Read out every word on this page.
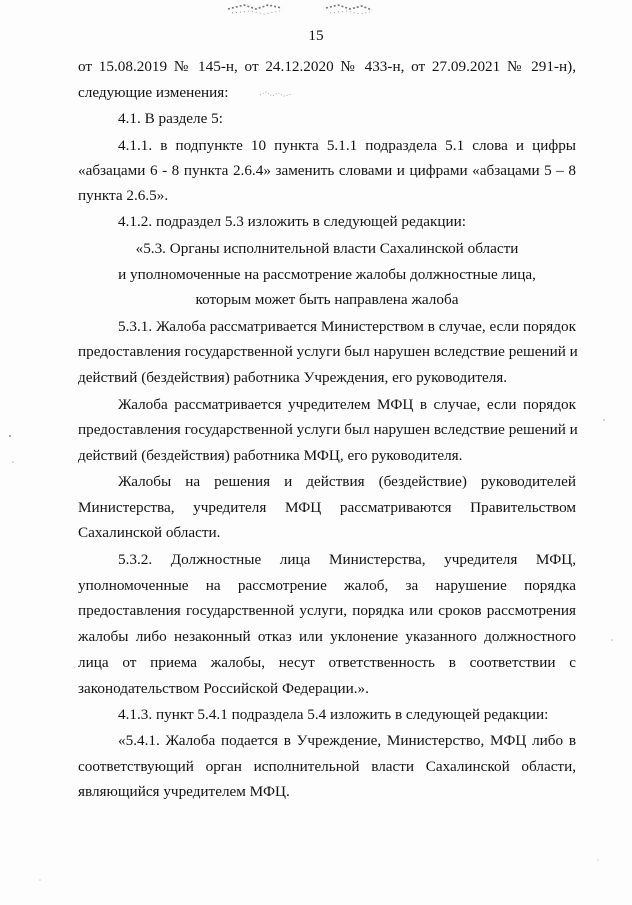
15
от 15.08.2019 № 145-н, от 24.12.2020 № 433-н, от 27.09.2021 № 291-н),
следующие изменения:
4.1. В разделе 5:
4.1.1. в подпункте 10 пункта 5.1.1 подраздела 5.1 слова и цифры
«абзацами 6 - 8 пункта 2.6.4» заменить словами и цифрами «абзацами 5 – 8
пункта 2.6.5».
4.1.2. подраздел 5.3 изложить в следующей редакции:
«5.3. Органы исполнительной власти Сахалинской области
и уполномоченные на рассмотрение жалобы должностные лица,
которым может быть направлена жалоба
5.3.1. Жалоба рассматривается Министерством в случае, если порядок
предоставления государственной услуги был нарушен вследствие решений и
действий (бездействия) работника Учреждения, его руководителя.
Жалоба рассматривается учредителем МФЦ в случае, если порядок
предоставления государственной услуги был нарушен вследствие решений и
действий (бездействия) работника МФЦ, его руководителя.
Жалобы на решения и действия (бездействие) руководителей
Министерства, учредителя МФЦ рассматриваются Правительством
Сахалинской области.
5.3.2. Должностные лица Министерства, учредителя МФЦ,
уполномоченные на рассмотрение жалоб, за нарушение порядка
предоставления государственной услуги, порядка или сроков рассмотрения
жалобы либо незаконный отказ или уклонение указанного должностного
лица от приема жалобы, несут ответственность в соответствии с
законодательством Российской Федерации.».
4.1.3. пункт 5.4.1 подраздела 5.4 изложить в следующей редакции:
«5.4.1. Жалоба подается в Учреждение, Министерство, МФЦ либо в
соответствующий орган исполнительной власти Сахалинской области,
являющийся учредителем МФЦ.
